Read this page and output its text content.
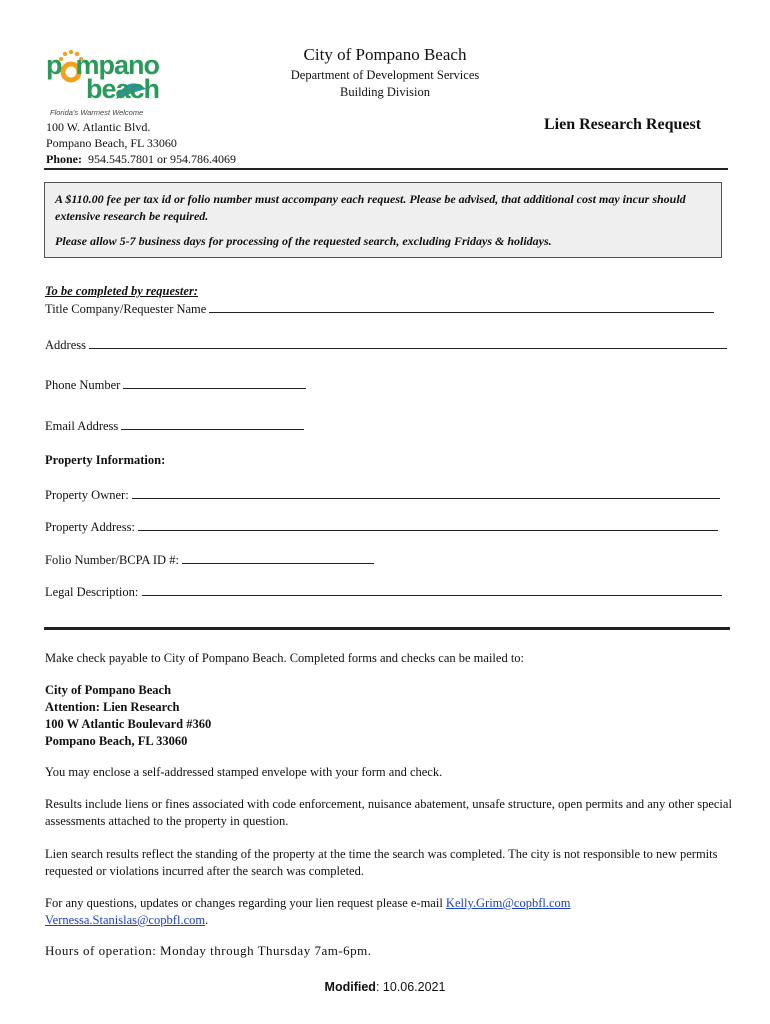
p mpano
beach
Florida's Warmest Welcome
City of Pompano Beach
Department of Development Services
Building Division
100 W. Atlantic Blvd.
Pompano Beach, FL 33060
Phone: 954.545.7801 or 954.786.4069
Lien Research Request

A $110.00 fee per tax id or folio number must accompany each request. Please be advised, that additional cost may incur should extensive research be required.

Please allow 5-7 business days for processing of the requested search, excluding Fridays & holidays.

To be completed by requester:
Title Company/Requester Name
Address
Phone Number
Email Address
Property Information:
Property Owner:
Property Address:
Folio Number/BCPA ID #:
Legal Description:
Make check payable to City of Pompano Beach. Completed forms and checks can be mailed to:
City of Pompano Beach
Attention: Lien Research
100 W Atlantic Boulevard #360
Pompano Beach, FL 33060
You may enclose a self-addressed stamped envelope with your form and check.
Results include liens or fines associated with code enforcement, nuisance abatement, unsafe structure, open permits and any other special assessments attached to the property in question.
Lien search results reflect the standing of the property at the time the search was completed. The city is not responsible to new permits requested or violations incurred after the search was completed.
For any questions, updates or changes regarding your lien request please e-mail Kelly.Grim@copbfl.com
Vernessa.Stanislas@copbfl.com.
Hours of operation: Monday through Thursday 7am-6pm.
Modified: 10.06.2021
